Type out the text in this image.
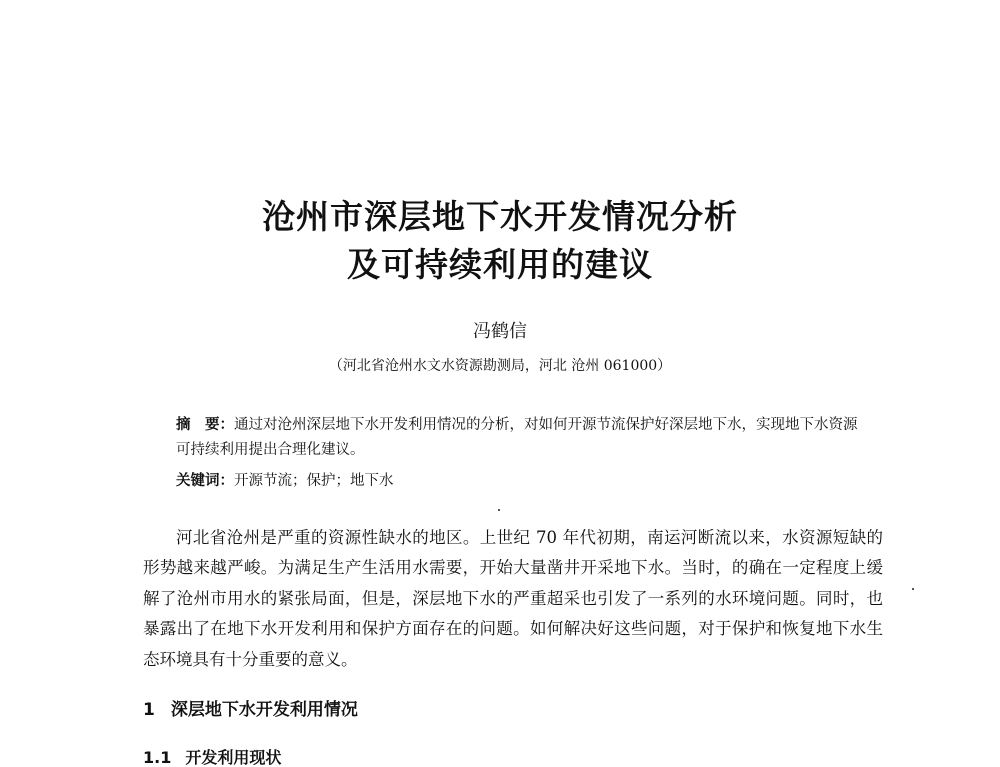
沧州市深层地下水开发情况分析
及可持续利用的建议
冯鹤信
（河北省沧州水文水资源勘测局，河北 沧州 061000）
摘　要：通过对沧州深层地下水开发利用情况的分析，对如何开源节流保护好深层地下水，实现地下水资源可持续利用提出合理化建议。
关键词：开源节流；保护；地下水

河北省沧州是严重的资源性缺水的地区。上世纪 70 年代初期，南运河断流以来，水资源短缺的形势越来越严峻。为满足生产生活用水需要，开始大量凿井开采地下水。当时，的确在一定程度上缓解了沧州市用水的紧张局面，但是，深层地下水的严重超采也引发了一系列的水环境问题。同时，也暴露出了在地下水开发利用和保护方面存在的问题。如何解决好这些问题，对于保护和恢复地下水生态环境具有十分重要的意义。

1 深层地下水开发利用情况
1.1 开发利用现状
